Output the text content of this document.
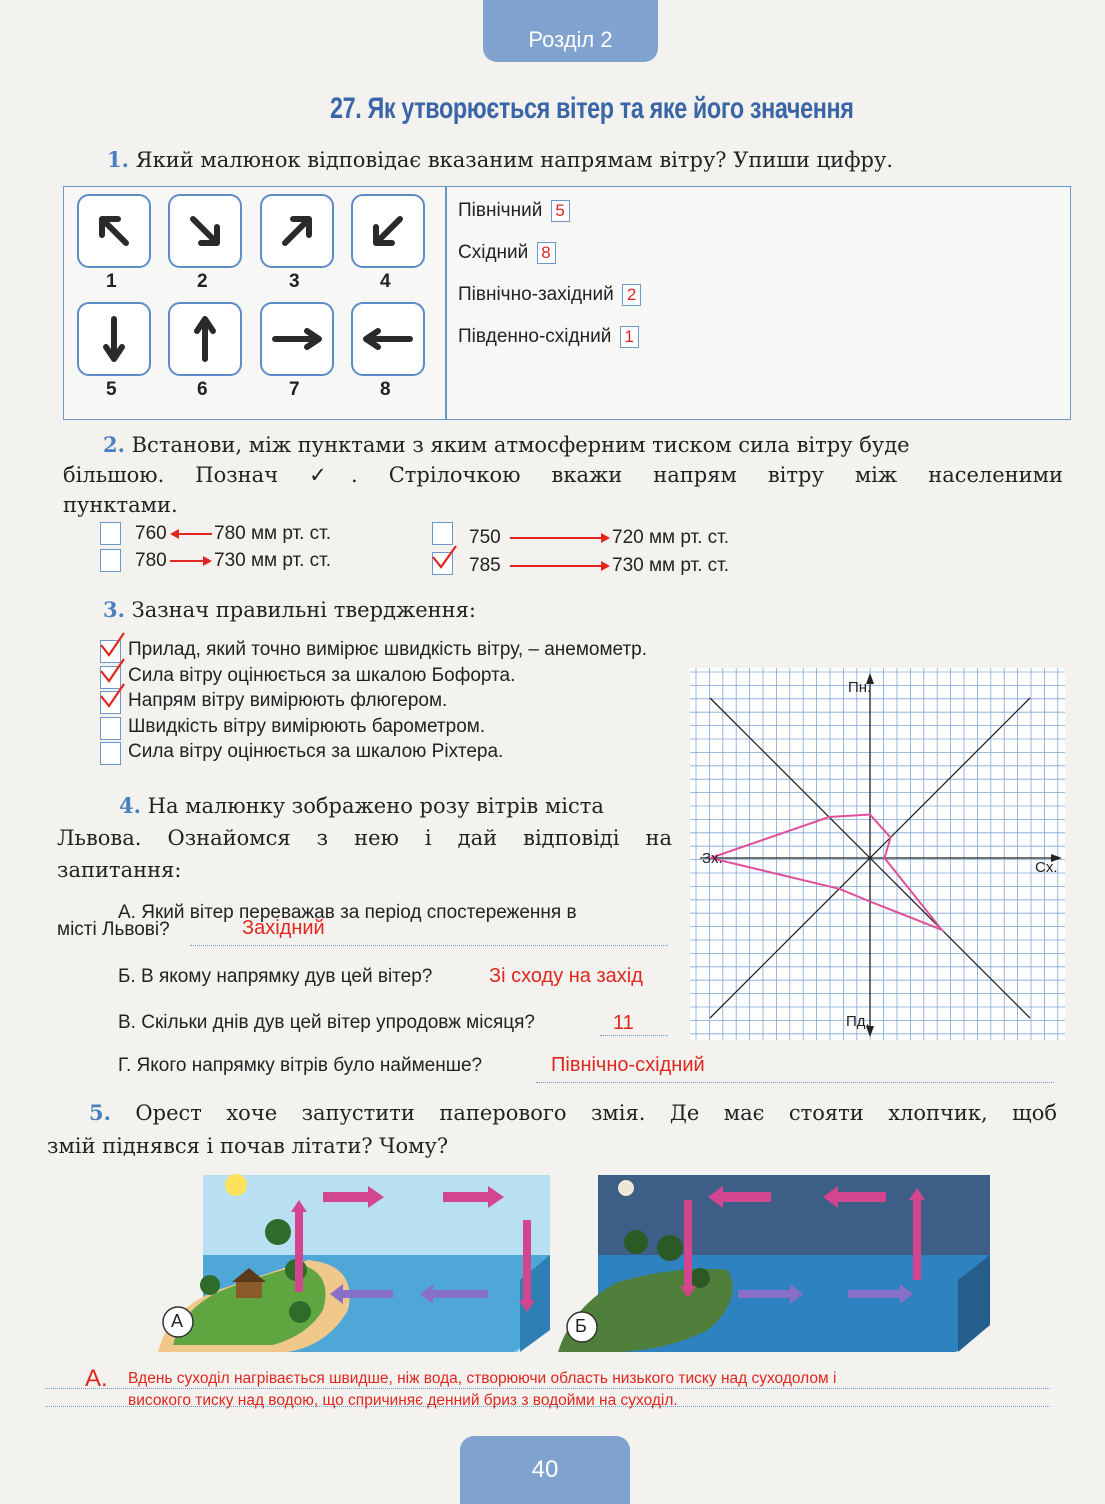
Розділ 2
27. Як утворюється вітер та яке його значення
1. Який малюнок відповідає вказаним напрямам вітру? Упиши цифру.
1	2	3	4
5	6	7	8
Північний 5
Східний 8
Північно-західний 2
Південно-східний 1
2. Встанови, між пунктами з яким атмосферним тиском сила вітру буде
більшою. Познач ✓. Стрілочкою вкажи напрям вітру між населеними
пунктами.
760 780 мм рт. ст.
780 730 мм рт. ст.
750	720 мм рт. ст.
785	730 мм рт. ст.
3. Зазнач правильні твердження:
Прилад, який точно вимірює швидкість вітру, – анемометр.
Сила вітру оцінюється за шкалою Бофорта.
Напрям вітру вимірюють флюгером.
Швидкість вітру вимірюють барометром.
Сила вітру оцінюється за шкалою Ріхтера.
4. На малюнку зображено розу вітрів міста
Львова. Ознайомся з нею і дай відповіді на
запитання:
А. Який вітер переважав за період спостереження в
місті Львові?	Західний
Б. В якому напрямку дув цей вітер?	Зі сходу на захід
В. Скільки днів дув цей вітер упродовж місяця?	11
Г. Якого напрямку вітрів було найменше?	Північно-східний
Пн.
Пд.
Сх.
Зх.
5. Орест хоче запустити паперового змія. Де має стояти хлопчик, щоб
змій піднявся і почав літати? Чому?
А	Б
А. Вдень суходіл нагрівається швидше, ніж вода, створюючи область низького тиску над суходолом і
високого тиску над водою, що спричиняє денний бриз з водойми на суходіл.
40
